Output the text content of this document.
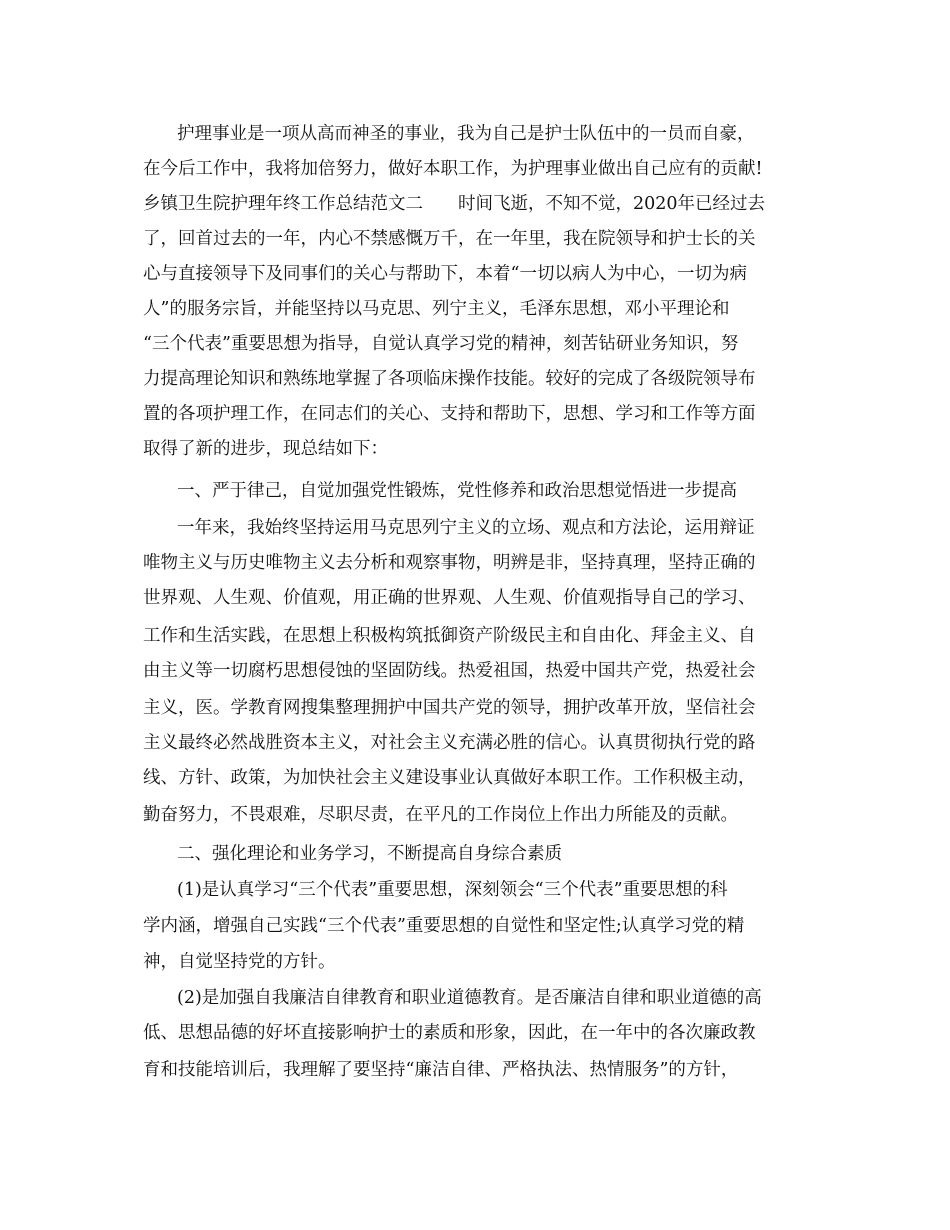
护理事业是一项从高而神圣的事业，我为自己是护士队伍中的一员而自豪，
在今后工作中，我将加倍努力，做好本职工作，为护理事业做出自己应有的贡献!
乡镇卫生院护理年终工作总结范文二　　时间飞逝，不知不觉，2020年已经过去
了，回首过去的一年，内心不禁感慨万千，在一年里，我在院领导和护士长的关
心与直接领导下及同事们的关心与帮助下，本着“一切以病人为中心，一切为病
人”的服务宗旨，并能坚持以马克思、列宁主义，毛泽东思想，邓小平理论和
“三个代表”重要思想为指导，自觉认真学习党的精神，刻苦钻研业务知识，努
力提高理论知识和熟练地掌握了各项临床操作技能。较好的完成了各级院领导布
置的各项护理工作，在同志们的关心、支持和帮助下，思想、学习和工作等方面
取得了新的进步，现总结如下：
一、严于律己，自觉加强党性锻炼，党性修养和政治思想觉悟进一步提高
一年来，我始终坚持运用马克思列宁主义的立场、观点和方法论，运用辩证
唯物主义与历史唯物主义去分析和观察事物，明辨是非，坚持真理，坚持正确的
世界观、人生观、价值观，用正确的世界观、人生观、价值观指导自己的学习、
工作和生活实践，在思想上积极构筑抵御资产阶级民主和自由化、拜金主义、自
由主义等一切腐朽思想侵蚀的坚固防线。热爱祖国，热爱中国共产党，热爱社会
主义，医。学教育网搜集整理拥护中国共产党的领导，拥护改革开放，坚信社会
主义最终必然战胜资本主义，对社会主义充满必胜的信心。认真贯彻执行党的路
线、方针、政策，为加快社会主义建设事业认真做好本职工作。工作积极主动，
勤奋努力，不畏艰难，尽职尽责，在平凡的工作岗位上作出力所能及的贡献。
二、强化理论和业务学习，不断提高自身综合素质
(1)是认真学习“三个代表”重要思想，深刻领会“三个代表”重要思想的科
学内涵，增强自己实践“三个代表”重要思想的自觉性和坚定性;认真学习党的精
神，自觉坚持党的方针。
(2)是加强自我廉洁自律教育和职业道德教育。是否廉洁自律和职业道德的高
低、思想品德的好坏直接影响护士的素质和形象，因此，在一年中的各次廉政教
育和技能培训后，我理解了要坚持“廉洁自律、严格执法、热情服务”的方针，
